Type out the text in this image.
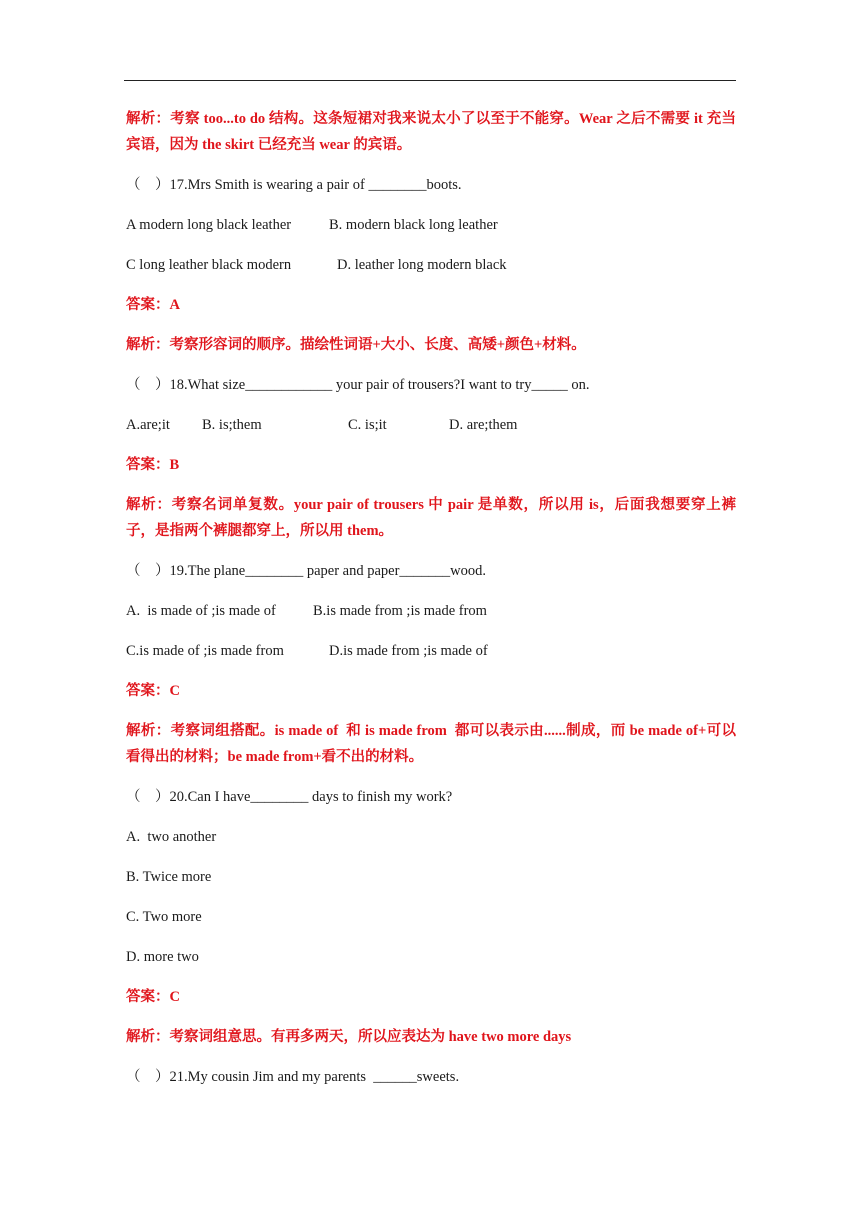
解析：考察 too...to do 结构。这条短裙对我来说太小了以至于不能穿。Wear 之后不需要 it 充当宾语，因为 the skirt 已经充当 wear 的宾语。

（    ）17.Mrs Smith is wearing a pair of ________boots.

A modern long black leather	B. modern black long leather

C long leather black modern	D. leather long modern black

答案：A

解析：考察形容词的顺序。描绘性词语+大小、长度、高矮+颜色+材料。

（    ）18.What size____________ your pair of trousers?I want to try_____ on.

A.are;it	B. is;them	C. is;it	D. are;them

答案：B

解析：考察名词单复数。your pair of trousers 中 pair 是单数，所以用 is，后面我想要穿上裤子，是指两个裤腿都穿上，所以用 them。

（    ）19.The plane________ paper and paper_______wood.

A.  is made of ;is made of	B.is made from ;is made from

C.is made of ;is made from	D.is made from ;is made of

答案：C

解析：考察词组搭配。is made of  和 is made from  都可以表示由......制成，而 be made of+可以看得出的材料；be made from+看不出的材料。

（    ）20.Can I have________ days to finish my work?

A.  two another

B. Twice more

C. Two more

D. more two

答案：C

解析：考察词组意思。有再多两天，所以应表达为 have two more days

（    ）21.My cousin Jim and my parents  ______sweets.
